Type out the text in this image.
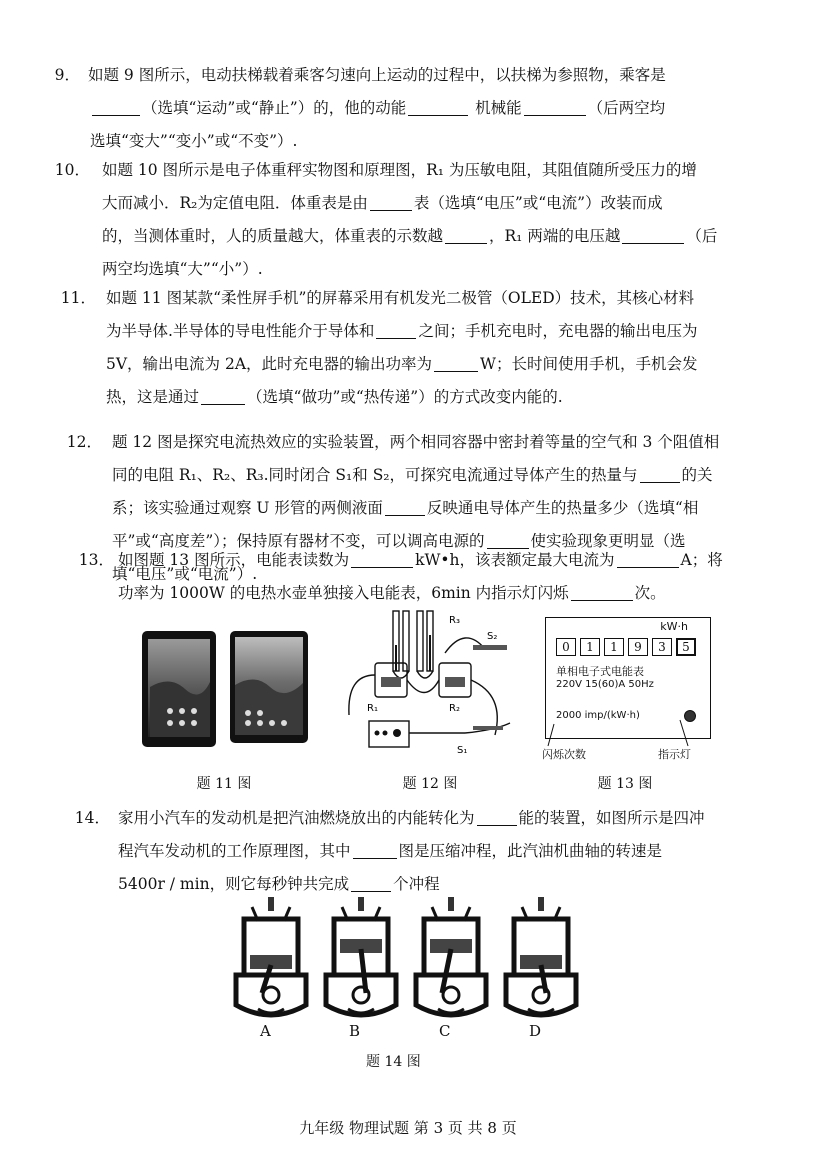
9． 如题 9 图所示，电动扶梯载着乘客匀速向上运动的过程中，以扶梯为参照物，乘客是
（选填“运动”或“静止”）的，他的动能	机械能	（后两空均
选填“变大”“变小”或“不变”）.
10． 如题 10 图所示是电子体重秤实物图和原理图，R₁ 为压敏电阻，其阻值随所受压力的增
大而减小．R₂为定值电阻．体重表是由	表（选填“电压”或“电流”）改装而成
的，当测体重时，人的质量越大，体重表的示数越	，R₁ 两端的电压越	（后
两空均选填“大”“小”）.
11． 如题 11 图某款“柔性屏手机”的屏幕采用有机发光二极管（OLED）技术，其核心材料
为半导体.半导体的导电性能介于导体和	之间；手机充电时，充电器的输出电压为
5V，输出电流为 2A，此时充电器的输出功率为	W；长时间使用手机，手机会发
热，这是通过	（选填“做功”或“热传递”）的方式改变内能的.
12． 题 12 图是探究电流热效应的实验装置，两个相同容器中密封着等量的空气和 3 个阻值相
同的电阻 R₁、R₂、R₃.同时闭合 S₁和 S₂，可探究电流通过导体产生的热量与	的关
系；该实验通过观察 U 形管的两侧液面	反映通电导体产生的热量多少（选填“相
平”或“高度差”）；保持原有器材不变，可以调高电源的	使实验现象更明显（选
填“电压”或“电流”）.
13． 如图题 13 图所示，电能表读数为	kW•h，该表额定最大电流为	A；将
功率为 1000W 的电热水壶单独接入电能表，6min 内指示灯闪烁	次。
题 11 图
R₁	R₂
R₃
S₂
S₁
题 12 图
kW·h
0	1	1	9	3	5
单相电子式电能表
220V 15(60)A 50Hz
2000 imp/(kW·h)
闪烁次数	指示灯
题 13 图
14． 家用小汽车的发动机是把汽油燃烧放出的内能转化为	能的装置，如图所示是四冲
程汽车发动机的工作原理图，其中	图是压缩冲程，此汽油机曲轴的转速是
5400r / min，则它每秒钟共完成	个冲程
A	B	C	D
题 14 图
九年级 物理试题 第 3 页 共 8 页
